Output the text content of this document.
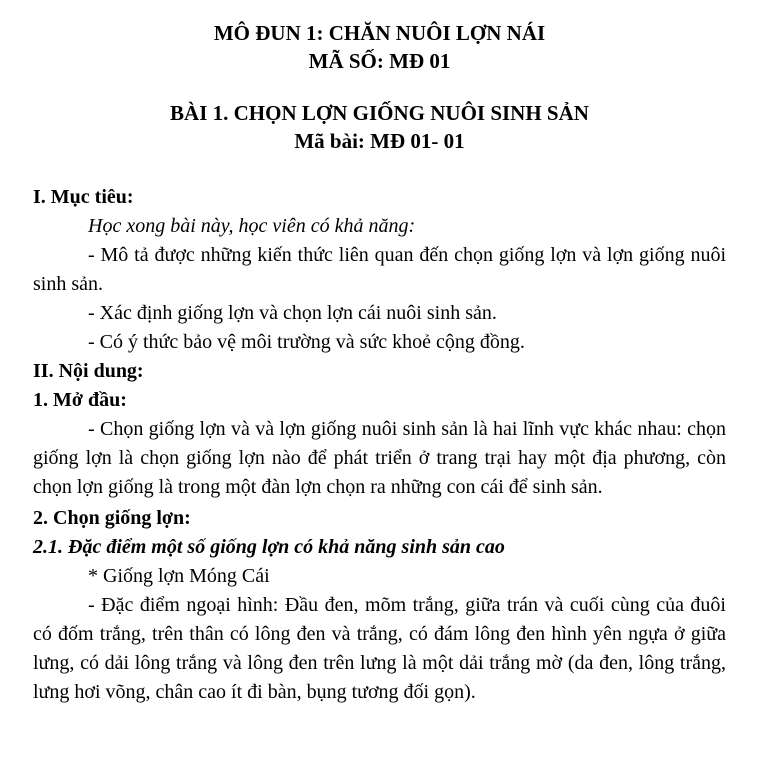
MÔ ĐUN 1: CHĂN NUÔI LỢN NÁI
MÃ SỐ: MĐ 01
BÀI 1. CHỌN LỢN GIỐNG NUÔI SINH SẢN
Mã bài: MĐ 01- 01
I. Mục tiêu:
Học xong bài này, học viên có khả năng:
- Mô tả được những kiến thức liên quan đến chọn giống lợn và lợn giống nuôi sinh sản.
- Xác định giống lợn và chọn lợn cái nuôi sinh sản.
- Có ý thức bảo vệ môi trường và sức khoẻ cộng đồng.
II. Nội dung:
1. Mở đầu:
- Chọn giống lợn và và lợn giống nuôi sinh sản là hai lĩnh vực khác nhau: chọn giống lợn là chọn giống lợn nào để phát triển ở trang trại hay một địa phương, còn chọn lợn giống là trong một đàn lợn chọn ra những con cái để sinh sản.
2. Chọn giống lợn:
2.1. Đặc điểm một số giống lợn có khả năng sinh sản cao
* Giống lợn Móng Cái
- Đặc điểm ngoại hình: Đầu đen, mõm trắng, giữa trán và cuối cùng của đuôi có đốm trắng, trên thân có lông đen và trắng, có đám lông đen hình yên ngựa ở giữa lưng, có dải lông trắng và lông đen trên lưng là một dải trắng mờ (da đen, lông trắng, lưng hơi võng, chân cao ít đi bàn, bụng tương đối gọn).
